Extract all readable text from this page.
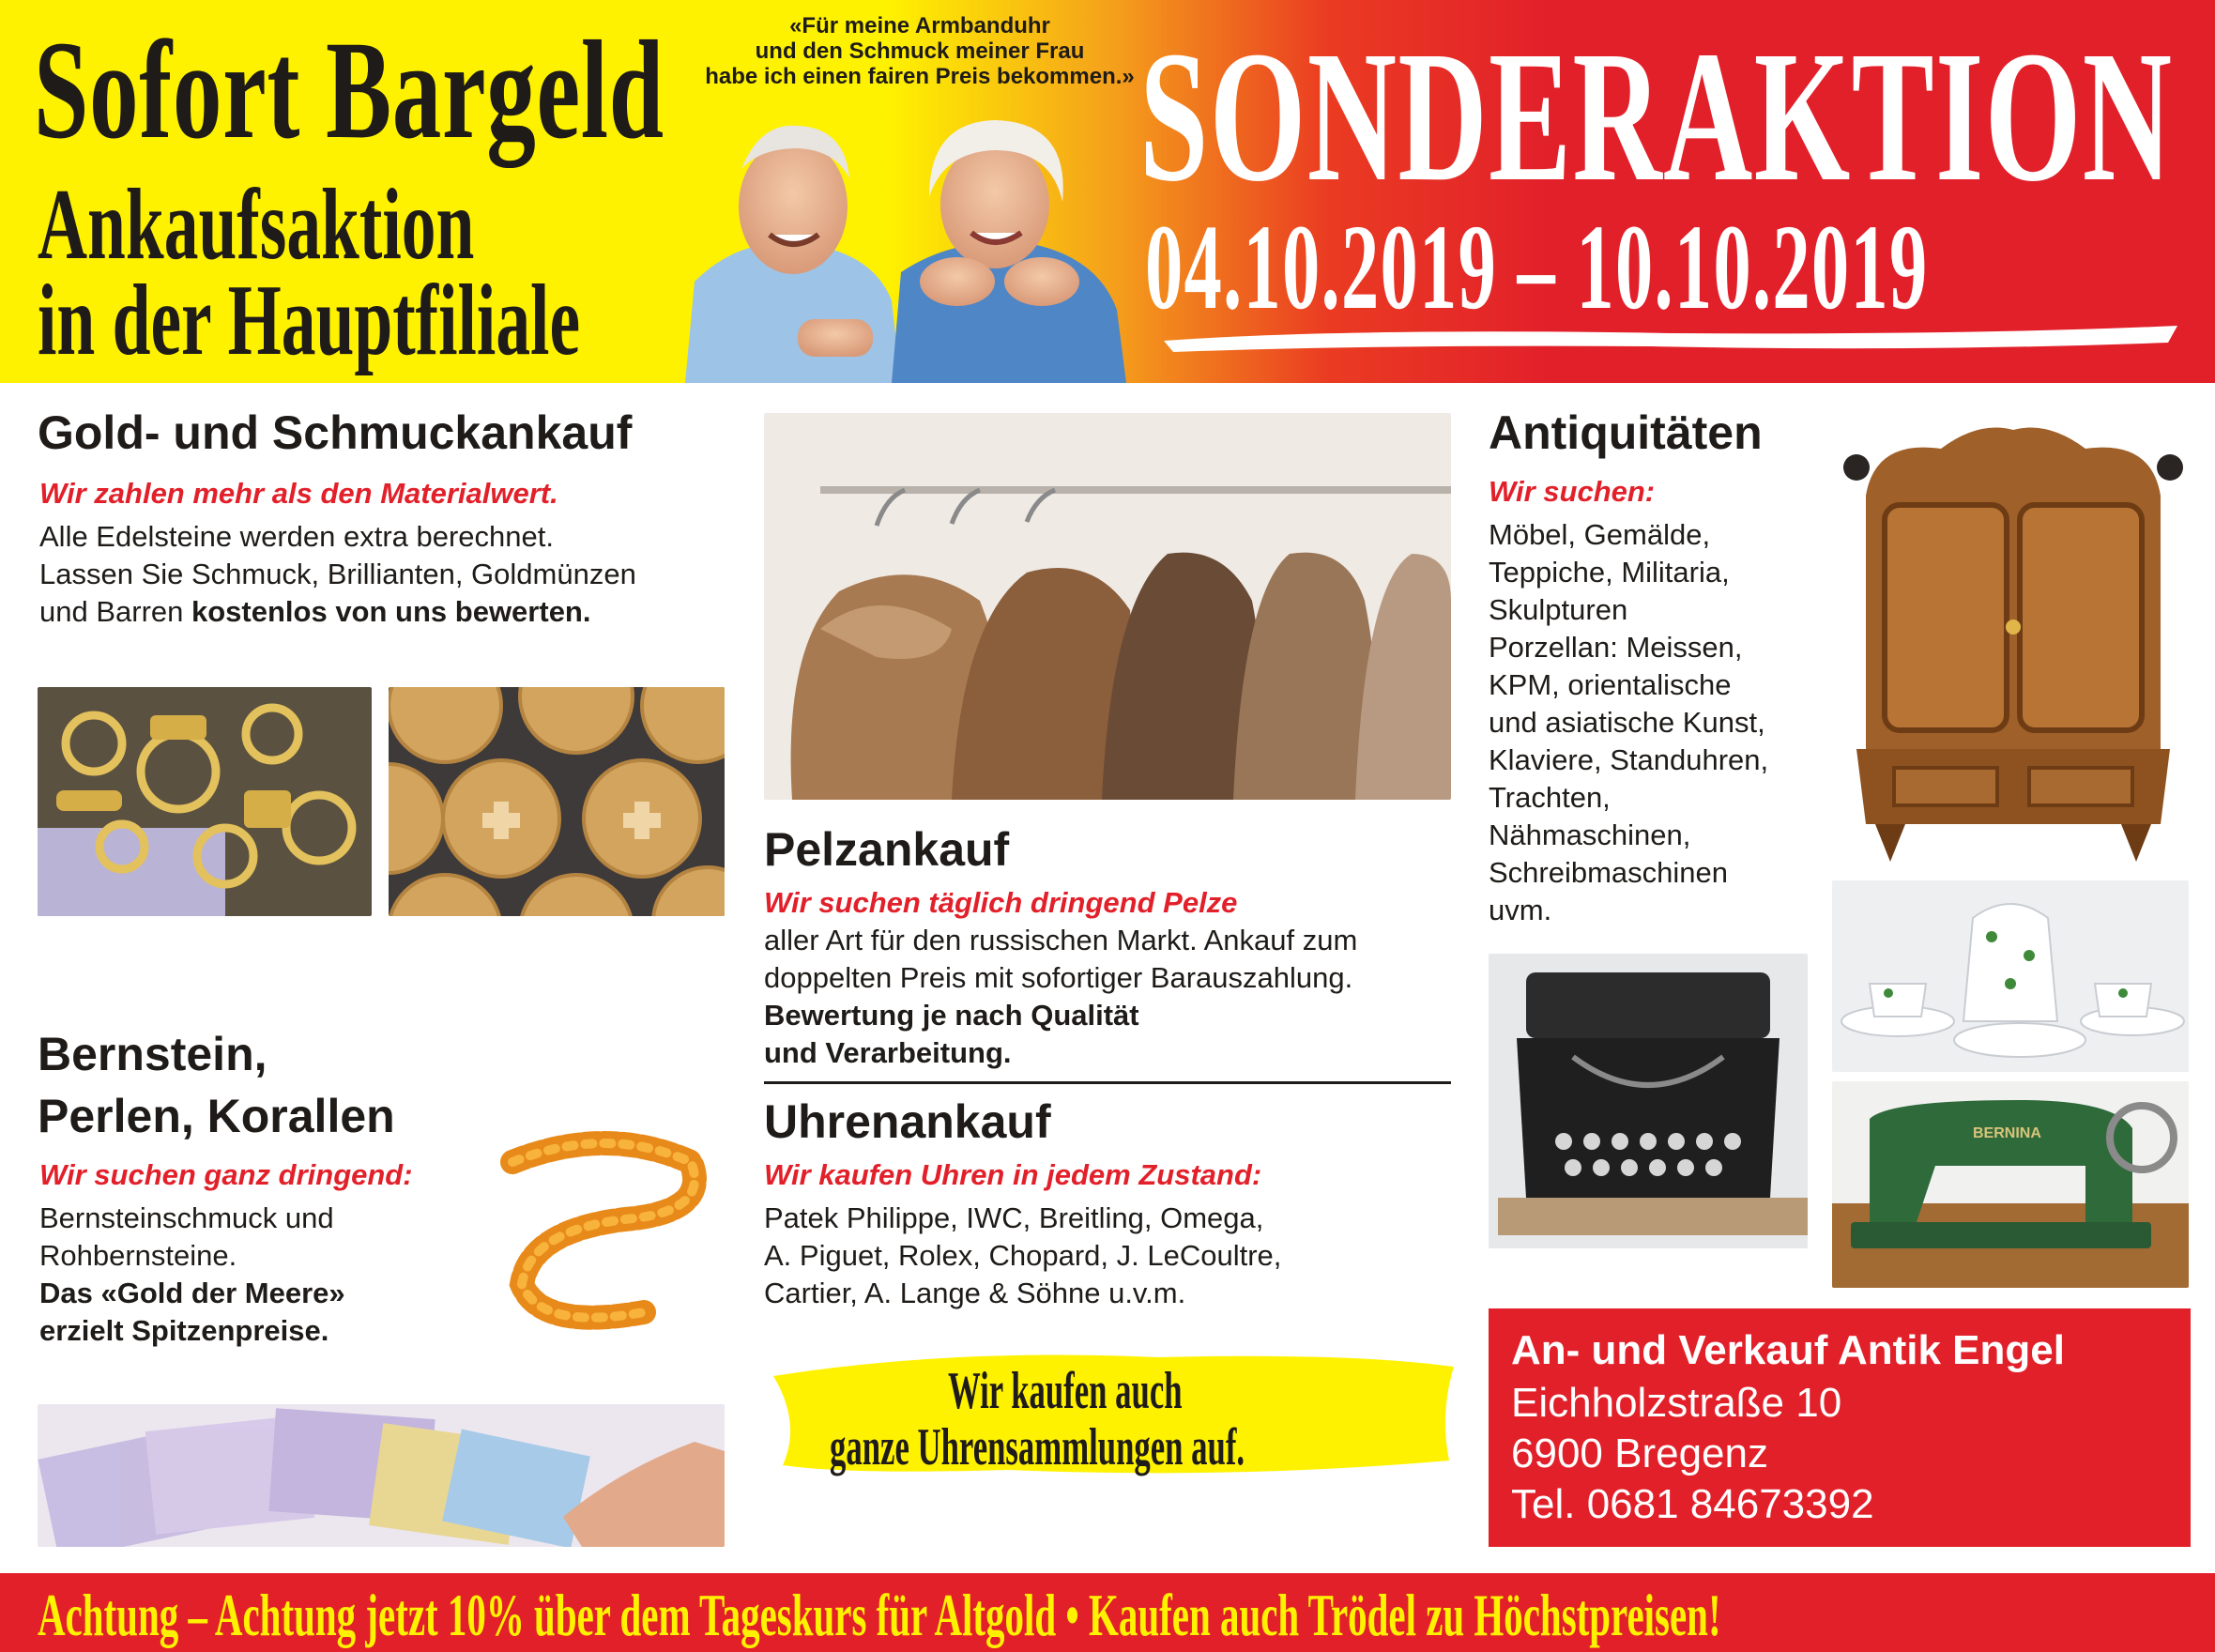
Sofort Bargeld
Ankaufsaktion
in der Hauptfiliale
«Für meine Armbanduhr
und den Schmuck meiner Frau
habe ich einen fairen Preis bekommen.» SONDERAKTION
04.10.2019 – 10.10.2019
Gold- und Schmuckankauf
Wir zahlen mehr als den Materialwert.
Alle Edelsteine werden extra berechnet.
Lassen Sie Schmuck, Brillianten, Goldmünzen
und Barren kostenlos von uns bewerten.
Bernstein,
Perlen, Korallen
Wir suchen ganz dringend:
Bernsteinschmuck und
Rohbernsteine.
Das «Gold der Meere»
erzielt Spitzenpreise.
Pelzankauf
Wir suchen täglich dringend Pelze
aller Art für den russischen Markt. Ankauf zum
doppelten Preis mit sofortiger Barauszahlung.
Bewertung je nach Qualität
und Verarbeitung.
Uhrenankauf
Wir kaufen Uhren in jedem Zustand:
Patek Philippe, IWC, Breitling, Omega,
A. Piguet, Rolex, Chopard, J. LeCoultre,
Cartier, A. Lange & Söhne u.v.m.
Wir kaufen auch
ganze Uhrensammlungen auf.
Antiquitäten
Wir suchen:
Möbel, Gemälde,
Teppiche, Militaria,
Skulpturen
Porzellan: Meissen,
KPM, orientalische
und asiatische Kunst,
Klaviere, Standuhren,
Trachten,
Nähmaschinen,
Schreibmaschinen
uvm.
BERNINA
An- und Verkauf Antik Engel
Eichholzstraße 10
6900 Bregenz
Tel. 0681 84673392
Achtung – Achtung jetzt 10% über dem Tageskurs für Altgold • Kaufen auch Trödel zu Höchstpreisen!
